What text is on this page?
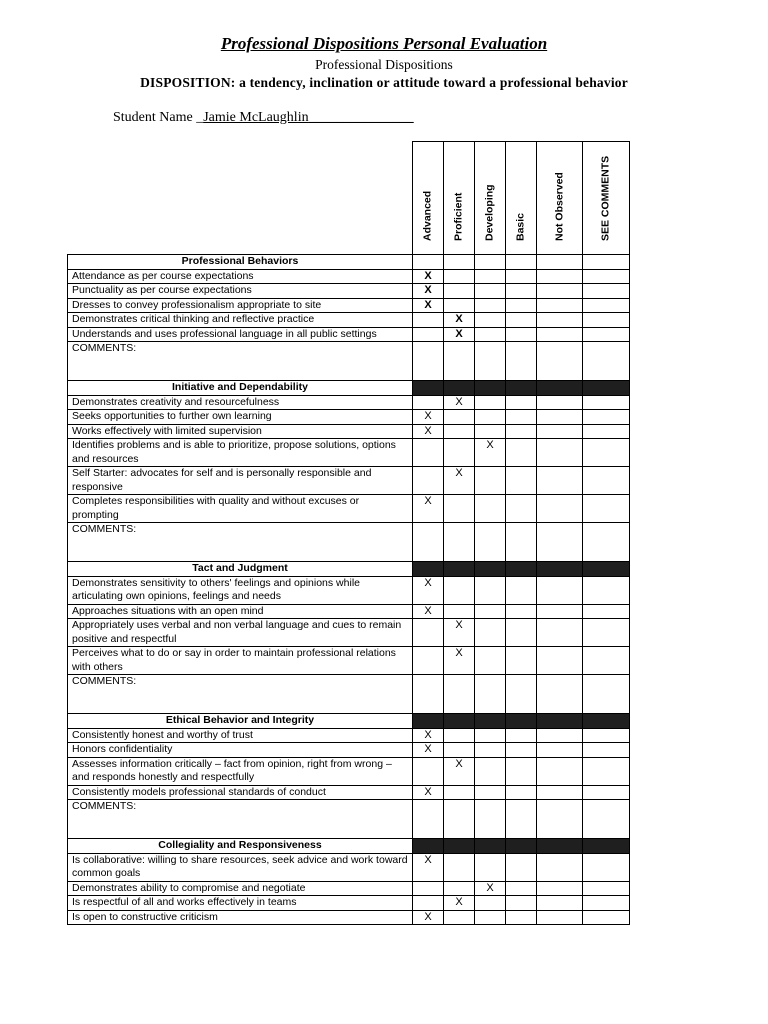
Professional Dispositions Personal Evaluation
Professional Dispositions
DISPOSITION: a tendency, inclination or attitude toward a professional behavior
Student Name _Jamie McLaughlin_______________

	Advanced	Proficient	Developing	Basic	Not Observed	SEE COMMENTS

Professional Behaviors						
Attendance as per course expectations	X					
Punctuality as per course expectations	X					
Dresses to convey professionalism appropriate to site	X					
Demonstrates critical thinking and reflective practice		X				
Understands and uses professional language in all public settings		X				
COMMENTS:						
Initiative and Dependability						
Demonstrates creativity and resourcefulness		X				
Seeks opportunities to further own learning	X					
Works effectively with limited supervision	X					
Identifies problems and is able to prioritize, propose solutions, options and resources			X			
Self Starter: advocates for self and is personally responsible and responsive		X				
Completes responsibilities with quality and without excuses or prompting	X					
COMMENTS:						
Tact and Judgment						
Demonstrates sensitivity to others' feelings and opinions while articulating own opinions, feelings and needs	X					
Approaches situations with an open mind	X					
Appropriately uses verbal and non verbal language and cues to remain positive and respectful		X				
Perceives what to do or say in order to maintain professional relations with others		X				
COMMENTS:						
Ethical Behavior and Integrity						
Consistently honest and worthy of trust	X					
Honors confidentiality	X					
Assesses information critically – fact from opinion, right from wrong – and responds honestly and respectfully		X				
Consistently models professional standards of conduct	X					
COMMENTS:						
Collegiality and Responsiveness						
Is collaborative: willing to share resources, seek advice and work toward common goals	X					
Demonstrates ability to compromise and negotiate			X			
Is respectful of all and works effectively in teams		X				
Is open to constructive criticism	X					
